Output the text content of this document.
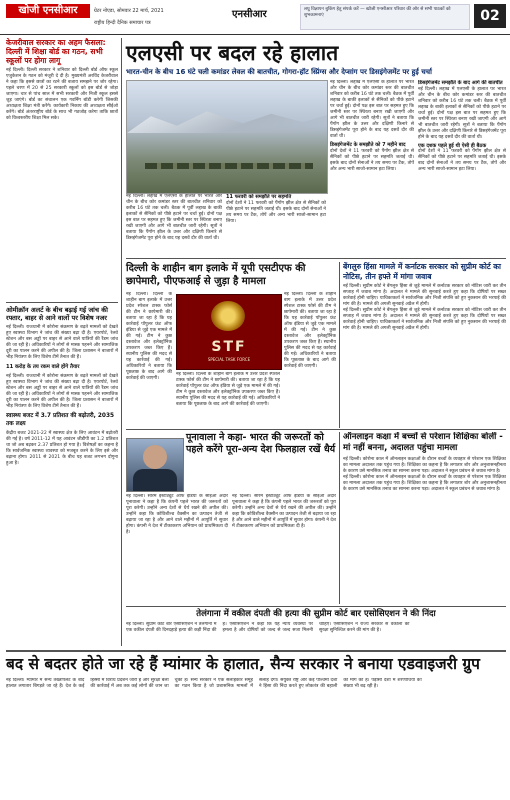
खोजी एनसीआर	ग्रेटर नोएडा, सोमवार 22 मार्च, 2021
राष्ट्रीय हिन्दी दैनिक समाचार पत्र
एनसीआर	लघु विज्ञापन बुकिंग हेतु संपर्क करें — खोजी एनसीआर परिवार की ओर से सभी पाठकों को शुभकामनाएं	02
केजरीवाल सरकार का अहम फैसला: दिल्ली में शिक्षा बोर्ड का गठन, सभी स्कूलों पर होगा लागू
नई दिल्ली। दिल्ली सरकार ने शनिवार को दिल्ली बोर्ड ऑफ स्कूल एजुकेशन के गठन को मंजूरी दे दी है। मुख्यमंत्री अरविंद केजरीवाल ने कहा कि इससे छात्रों का रटने की बजाय समझने पर जोर रहेगा। पहले चरण में 20 से 25 सरकारी स्कूलों को इस बोर्ड से जोड़ा जाएगा। चार से पांच साल में सभी सरकारी और निजी स्कूल इससे जुड़ जाएंगे। बोर्ड का संचालन एक गवर्निंग बॉडी करेगी जिसकी अध्यक्षता शिक्षा मंत्री करेंगे। कार्यकारी निकाय की अध्यक्षता सीईओ करेंगे। बोर्ड अंतरराष्ट्रीय बोर्ड के साथ भी गठजोड़ करेगा ताकि छात्रों को विश्वस्तरीय शिक्षा मिल सके।
ओमीक्रॉन अलर्ट के बीच बढ़ाई गई जांच की रफ्तार, बाहर से आने वालों पर विशेष नजर
नई दिल्ली। राजधानी में कोरोना संक्रमण के बढ़ते मामलों को देखते हुए स्वास्थ्य विभाग ने जांच की संख्या बढ़ा दी है। एयरपोर्ट, रेलवे स्टेशन और बस अड्डों पर बाहर से आने वाले यात्रियों की रैंडम जांच की जा रही है। अधिकारियों ने लोगों से मास्क पहनने और सामाजिक दूरी का पालन करने की अपील की है। जिला प्रशासन ने बाजारों में भीड़ नियंत्रण के लिए विशेष टीमें तैनात की हैं।
11 करोड़ के तय रकम वाले होंगे तैयार
नई दिल्ली। राजधानी में कोरोना संक्रमण के बढ़ते मामलों को देखते हुए स्वास्थ्य विभाग ने जांच की संख्या बढ़ा दी है। एयरपोर्ट, रेलवे स्टेशन और बस अड्डों पर बाहर से आने वाले यात्रियों की रैंडम जांच की जा रही है। अधिकारियों ने लोगों से मास्क पहनने और सामाजिक दूरी का पालन करने की अपील की है। जिला प्रशासन ने बाजारों में भीड़ नियंत्रण के लिए विशेष टीमें तैनात की हैं।
स्वास्थ्य बजट में 3.7 प्रतिशत की बढ़ोतरी, 2035 तक लक्ष्य
केंद्रीय बजट 2021-22 में स्वास्थ्य क्षेत्र के लिए आवंटन में बढ़ोतरी की गई है। वर्ष 2011-12 में यह आवंटन जीडीपी का 1.2 प्रतिशत था जो अब बढ़कर 2.37 प्रतिशत हो गया है। विशेषज्ञों का कहना है कि सार्वजनिक स्वास्थ्य व्यवस्था को मजबूत करने के लिए इसे और बढ़ाना होगा। 2011 से 2021 के बीच यह बजट लगभग दोगुना हुआ है।
एलएसी पर बदल रहे हालात
भारत-चीन के बीच 16 घंटे चली कमांडर लेवल की बातचीत, गोगरा-हॉट स्प्रिंग्स और देप्सांग पर डिसइंगेजमेंट पर हुई चर्चा
नई दिल्ली। लद्दाख में एलएसी के हालात पर भारत और चीन के बीच कोर कमांडर स्तर की बातचीत शनिवार को करीब 16 घंटे तक चली। बैठक में पूर्वी लद्दाख के बाकी इलाकों से सैनिकों को पीछे हटाने पर चर्चा हुई। दोनों पक्ष इस बात पर सहमत हुए कि जमीनी स्तर पर स्थिरता बनाए रखी जाएगी और आगे भी बातचीत जारी रहेगी। सूत्रों ने बताया कि पैंगोंग झील के उत्तर और दक्षिणी किनारे से डिसइंगेजमेंट पूरा होने के बाद यह दसवें दौर की वार्ता थी।
11 फरवरी को समझौते पर सहमति
दोनों देशों ने 11 फरवरी को पैंगोंग झील क्षेत्र से सैनिकों को पीछे हटाने पर सहमति जताई थी। इसके बाद दोनों सेनाओं ने तय समय पर टैंक, तोपें और अन्य भारी साजो-सामान हटा लिया।
नई दिल्ली। लद्दाख में एलएसी के हालात पर भारत और चीन के बीच कोर कमांडर स्तर की बातचीत शनिवार को करीब 16 घंटे तक चली। बैठक में पूर्वी लद्दाख के बाकी इलाकों से सैनिकों को पीछे हटाने पर चर्चा हुई। दोनों पक्ष इस बात पर सहमत हुए कि जमीनी स्तर पर स्थिरता बनाए रखी जाएगी और आगे भी बातचीत जारी रहेगी। सूत्रों ने बताया कि पैंगोंग झील के उत्तर और दक्षिणी किनारे से डिसइंगेजमेंट पूरा होने के बाद यह दसवें दौर की वार्ता थी।
डिसइंगेजमेंट के समझौते को 7 महीने बाद
दोनों देशों ने 11 फरवरी को पैंगोंग झील क्षेत्र से सैनिकों को पीछे हटाने पर सहमति जताई थी। इसके बाद दोनों सेनाओं ने तय समय पर टैंक, तोपें और अन्य भारी साजो-सामान हटा लिया।
डिसइंगेजमेंट समझौते के बाद आगे की बातचीत
नई दिल्ली। लद्दाख में एलएसी के हालात पर भारत और चीन के बीच कोर कमांडर स्तर की बातचीत शनिवार को करीब 16 घंटे तक चली। बैठक में पूर्वी लद्दाख के बाकी इलाकों से सैनिकों को पीछे हटाने पर चर्चा हुई। दोनों पक्ष इस बात पर सहमत हुए कि जमीनी स्तर पर स्थिरता बनाए रखी जाएगी और आगे भी बातचीत जारी रहेगी। सूत्रों ने बताया कि पैंगोंग झील के उत्तर और दक्षिणी किनारे से डिसइंगेजमेंट पूरा होने के बाद यह दसवें दौर की वार्ता थी।
एक दशक पहले हुई थी ऐसी ही बैठक
दोनों देशों ने 11 फरवरी को पैंगोंग झील क्षेत्र से सैनिकों को पीछे हटाने पर सहमति जताई थी। इसके बाद दोनों सेनाओं ने तय समय पर टैंक, तोपें और अन्य भारी साजो-सामान हटा लिया।
दिल्ली के शाहीन बाग इलाके में यूपी एसटीएफ की छापेमारी, पीएफआई से जुड़ा है मामला
नई दिल्ली। दिल्ली के शाहीन बाग इलाके में उत्तर प्रदेश स्पेशल टास्क फोर्स की टीम ने छापेमारी की। बताया जा रहा है कि यह कार्रवाई पॉपुलर फ्रंट ऑफ इंडिया से जुड़े एक मामले में की गई। टीम ने कुछ दस्तावेज और इलेक्ट्रॉनिक उपकरण जब्त किए हैं। स्थानीय पुलिस की मदद से यह कार्रवाई की गई। अधिकारियों ने बताया कि पूछताछ के बाद आगे की कार्रवाई की जाएगी।
STF
SPECIAL TASK FORCE
नई दिल्ली। दिल्ली के शाहीन बाग इलाके में उत्तर प्रदेश स्पेशल टास्क फोर्स की टीम ने छापेमारी की। बताया जा रहा है कि यह कार्रवाई पॉपुलर फ्रंट ऑफ इंडिया से जुड़े एक मामले में की गई। टीम ने कुछ दस्तावेज और इलेक्ट्रॉनिक उपकरण जब्त किए हैं। स्थानीय पुलिस की मदद से यह कार्रवाई की गई। अधिकारियों ने बताया कि पूछताछ के बाद आगे की कार्रवाई की जाएगी।
नई दिल्ली। दिल्ली के शाहीन बाग इलाके में उत्तर प्रदेश स्पेशल टास्क फोर्स की टीम ने छापेमारी की। बताया जा रहा है कि यह कार्रवाई पॉपुलर फ्रंट ऑफ इंडिया से जुड़े एक मामले में की गई। टीम ने कुछ दस्तावेज और इलेक्ट्रॉनिक उपकरण जब्त किए हैं। स्थानीय पुलिस की मदद से यह कार्रवाई की गई। अधिकारियों ने बताया कि पूछताछ के बाद आगे की कार्रवाई की जाएगी।
बेंगलुरु हिंसा मामले में कर्नाटक सरकार को सुप्रीम कोर्ट का नोटिस, तीन हफ्ते में मांगा जवाब
नई दिल्ली। सुप्रीम कोर्ट ने बेंगलुरु हिंसा से जुड़े मामले में कर्नाटक सरकार को नोटिस जारी कर तीन सप्ताह में जवाब मांगा है। अदालत ने मामले की सुनवाई करते हुए कहा कि दोषियों पर सख्त कार्रवाई होनी चाहिए। याचिकाकर्ता ने सार्वजनिक और निजी संपत्ति को हुए नुकसान की भरपाई की मांग की है। मामले की अगली सुनवाई अप्रैल में होगी।
नई दिल्ली। सुप्रीम कोर्ट ने बेंगलुरु हिंसा से जुड़े मामले में कर्नाटक सरकार को नोटिस जारी कर तीन सप्ताह में जवाब मांगा है। अदालत ने मामले की सुनवाई करते हुए कहा कि दोषियों पर सख्त कार्रवाई होनी चाहिए। याचिकाकर्ता ने सार्वजनिक और निजी संपत्ति को हुए नुकसान की भरपाई की मांग की है। मामले की अगली सुनवाई अप्रैल में होगी।
पूनावाला ने कहा- भारत की जरूरतों को पहले करेंगे पूरा-अन्य देश फिलहाल रखें धैर्य
नई दिल्ली। सीरम इंस्टीट्यूट ऑफ इंडिया के सीईओ अदार पूनावाला ने कहा है कि कंपनी पहले भारत की जरूरतों को पूरा करेगी। उन्होंने अन्य देशों से धैर्य रखने की अपील की। उन्होंने कहा कि कोविशील्ड वैक्सीन का उत्पादन तेजी से बढ़ाया जा रहा है और आने वाले महीनों में आपूर्ति में सुधार होगा। कंपनी ने देश में टीकाकरण अभियान को प्राथमिकता दी है।
नई दिल्ली। सीरम इंस्टीट्यूट ऑफ इंडिया के सीईओ अदार पूनावाला ने कहा है कि कंपनी पहले भारत की जरूरतों को पूरा करेगी। उन्होंने अन्य देशों से धैर्य रखने की अपील की। उन्होंने कहा कि कोविशील्ड वैक्सीन का उत्पादन तेजी से बढ़ाया जा रहा है और आने वाले महीनों में आपूर्ति में सुधार होगा। कंपनी ने देश में टीकाकरण अभियान को प्राथमिकता दी है।
ऑनलाइन कक्षा में बच्चों से परेशान शिक्षिका बोलीं - मां नहीं बनना, अदालत पहुंचा मामला
नई दिल्ली। कोरोना काल में ऑनलाइन कक्षाओं के दौरान बच्चों के व्यवहार से परेशान एक शिक्षिका का मामला अदालत तक पहुंच गया है। शिक्षिका का कहना है कि लगातार शोर और अनुशासनहीनता के कारण उसे मानसिक तनाव का सामना करना पड़ा। अदालत ने स्कूल प्रबंधन से जवाब मांगा है।
नई दिल्ली। कोरोना काल में ऑनलाइन कक्षाओं के दौरान बच्चों के व्यवहार से परेशान एक शिक्षिका का मामला अदालत तक पहुंच गया है। शिक्षिका का कहना है कि लगातार शोर और अनुशासनहीनता के कारण उसे मानसिक तनाव का सामना करना पड़ा। अदालत ने स्कूल प्रबंधन से जवाब मांगा है।
तेलंगाना में वकील दंपती की हत्या की सुप्रीम कोर्ट बार एसोसिएशन ने की निंदा
नई दिल्ली। सुप्रीम कोर्ट बार एसोसिएशन ने तेलंगाना में एक वकील दंपती की दिनदहाड़े हत्या की कड़ी निंदा की है। एसोसिएशन ने कहा कि यह न्याय व्यवस्था पर हमला है और दोषियों को जल्द से जल्द सजा मिलनी चाहिए। एसोसिएशन ने राज्य सरकार से वकीलों की सुरक्षा सुनिश्चित करने की मांग की है।
बद से बदतर होते जा रहे हैं म्यांमार के हालात, सैन्य सरकार ने बनाया एडवाइजरी ग्रुप
नई दिल्ली। म्यांमार में सैन्य तख्तापलट के बाद हालात लगातार बिगड़ते जा रहे हैं। देश के कई हिस्सों में विरोध प्रदर्शन जारी हैं और सुरक्षा बलों की कार्रवाई में अब तक कई लोगों की जान जा चुकी है। सैन्य सरकार ने एक सलाहकार समूह का गठन किया है जो प्रशासनिक मामलों में सलाह देगा। संयुक्त राष्ट्र और कई पश्चिमी देशों ने हिंसा की निंदा करते हुए लोकतंत्र की बहाली की मांग की है। पड़ोसी देशों में शरणार्थियों की संख्या भी बढ़ रही है।
